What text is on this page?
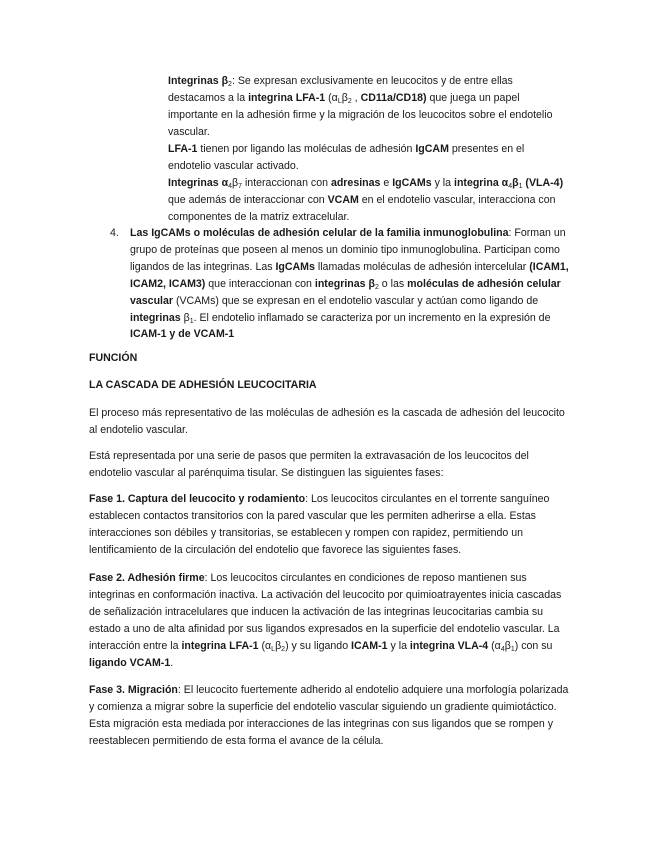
Integrinas $\beta_2$: Se expresan exclusivamente en leucocitos y de entre ellas destacamos a la integrina LFA-1 ($\alpha_L\beta_2$ , CD11a/CD18) que juega un papel importante en la adhesión firme y la migración de los leucocitos sobre el endotelio vascular.

LFA-1 tienen por ligando las moléculas de adhesión IgCAM presentes en el endotelio vascular activado.

Integrinas $\alpha_4\beta_7$ interaccionan con adresinas e IgCAMs y la integrina $\alpha_4\beta_1$ (VLA-4) que además de interaccionar con VCAM en el endotelio vascular, interacciona con componentes de la matriz extracelular.

4. Las IgCAMs o moléculas de adhesión celular de la familia inmunoglobulina: Forman un grupo de proteínas que poseen al menos un dominio tipo inmunoglobulina. Participan como ligandos de las integrinas. Las IgCAMs llamadas moléculas de adhesión intercelular (ICAM1, ICAM2, ICAM3) que interaccionan con integrinas $\beta_2$ o las moléculas de adhesión celular vascular (VCAMs) que se expresan en el endotelio vascular y actúan como ligando de integrinas $\beta_1$. El endotelio inflamado se caracteriza por un incremento en la expresión de ICAM-1 y de VCAM-1

FUNCIÓN

LA CASCADA DE ADHESIÓN LEUCOCITARIA

El proceso más representativo de las moléculas de adhesión es la cascada de adhesión del leucocito al endotelio vascular.

Está representada por una serie de pasos que permiten la extravasación de los leucocitos del endotelio vascular al parénquima tisular. Se distinguen las siguientes fases:

Fase 1. Captura del leucocito y rodamiento: Los leucocitos circulantes en el torrente sanguíneo establecen contactos transitorios con la pared vascular que les permiten adherirse a ella. Estas interacciones son débiles y transitorias, se establecen y rompen con rapidez, permitiendo un lentificamiento de la circulación del endotelio que favorece las siguientes fases.

Fase 2. Adhesión firme: Los leucocitos circulantes en condiciones de reposo mantienen sus integrinas en conformación inactiva. La activación del leucocito por quimioatrayentes inicia cascadas de señalización intracelulares que inducen la activación de las integrinas leucocitarias cambia su estado a uno de alta afinidad por sus ligandos expresados en la superficie del endotelio vascular. La interacción entre la integrina LFA-1 $(\alpha_L\beta_2)$ y su ligando ICAM-1 y la integrina VLA-4 $(\alpha_4\beta_1)$ con su ligando VCAM-1.

Fase 3. Migración: El leucocito fuertemente adherido al endotelio adquiere una morfología polarizada y comienza a migrar sobre la superficie del endotelio vascular siguiendo un gradiente quimiotáctico. Esta migración esta mediada por interacciones de las integrinas con sus ligandos que se rompen y reestablecen permitiendo de esta forma el avance de la célula.
